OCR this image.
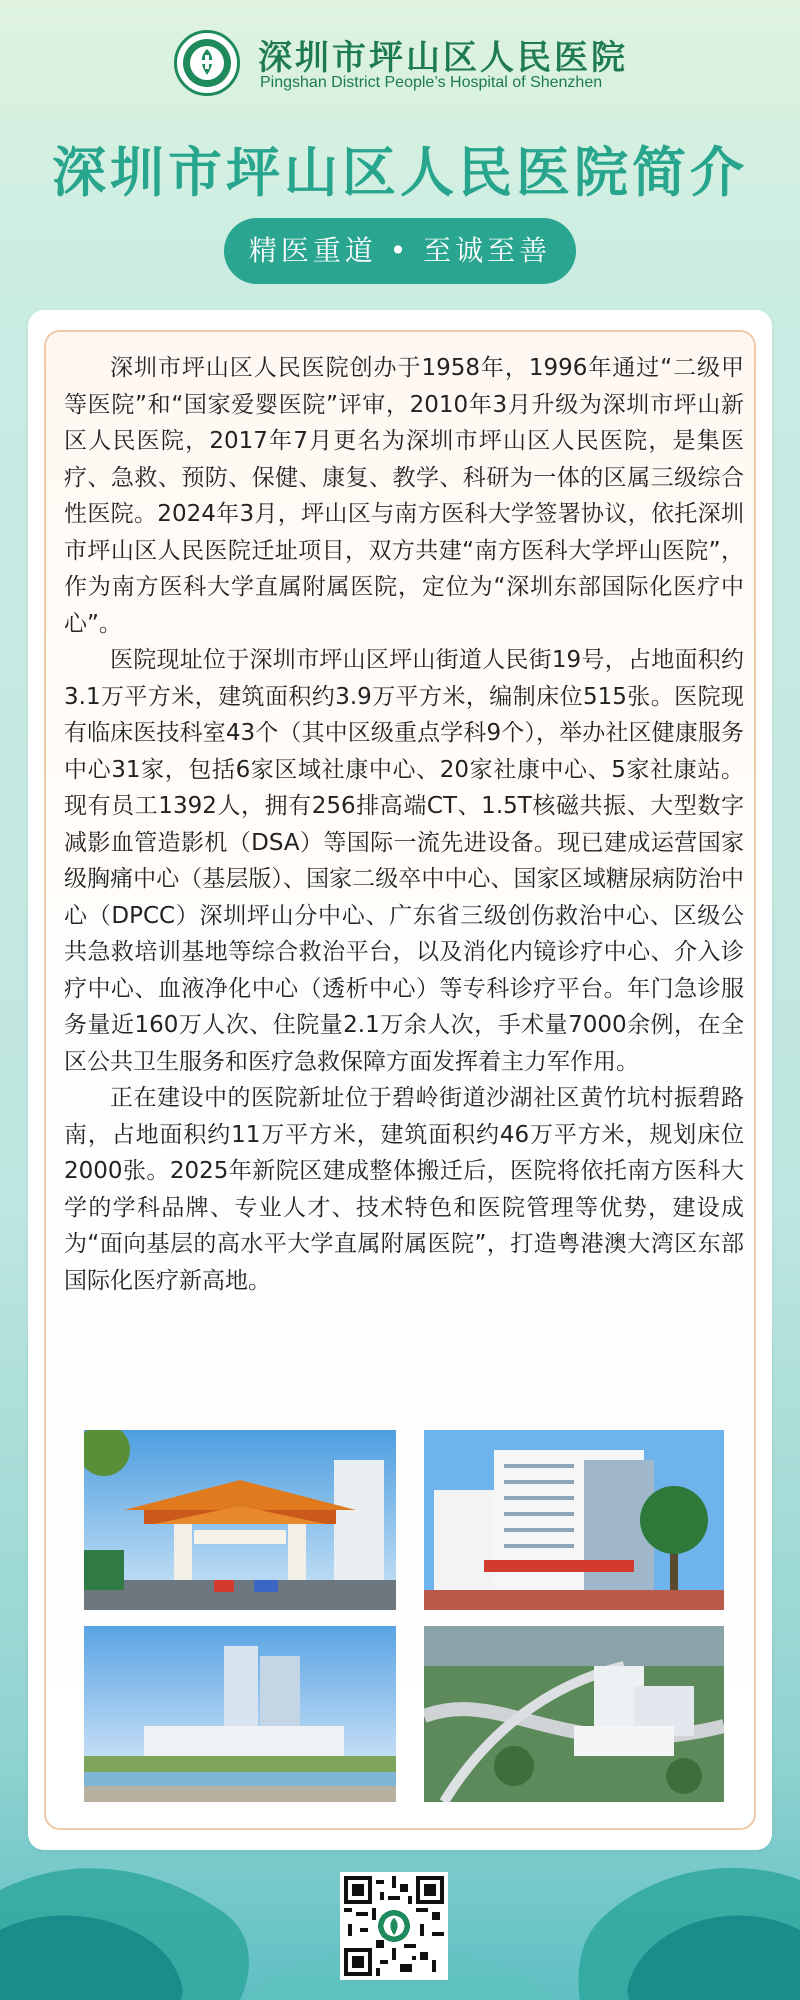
深圳市坪山区人民医院
Pingshan District People’s Hospital of Shenzhen
深圳市坪山区人民医院简介
精医重道 • 至诚至善

深圳市坪山区人民医院创办于1958年，1996年通过“二级甲等医院”和“国家爱婴医院”评审，2010年3月升级为深圳市坪山新区人民医院，2017年7月更名为深圳市坪山区人民医院，是集医疗、急救、预防、保健、康复、教学、科研为一体的区属三级综合性医院。2024年3月，坪山区与南方医科大学签署协议，依托深圳市坪山区人民医院迁址项目，双方共建“南方医科大学坪山医院”，作为南方医科大学直属附属医院，定位为“深圳东部国际化医疗中心”。

医院现址位于深圳市坪山区坪山街道人民街19号，占地面积约3.1万平方米，建筑面积约3.9万平方米，编制床位515张。医院现有临床医技科室43个（其中区级重点学科9个），举办社区健康服务中心31家，包括6家区域社康中心、20家社康中心、5家社康站。现有员工1392人，拥有256排高端CT、1.5T核磁共振、大型数字减影血管造影机（DSA）等国际一流先进设备。现已建成运营国家级胸痛中心（基层版）、国家二级卒中中心、国家区域糖尿病防治中心（DPCC）深圳坪山分中心、广东省三级创伤救治中心、区级公共急救培训基地等综合救治平台，以及消化内镜诊疗中心、介入诊疗中心、血液净化中心（透析中心）等专科诊疗平台。年门急诊服务量近160万人次、住院量2.1万余人次，手术量7000余例，在全区公共卫生服务和医疗急救保障方面发挥着主力军作用。

正在建设中的医院新址位于碧岭街道沙湖社区黄竹坑村振碧路南，占地面积约11万平方米，建筑面积约46万平方米，规划床位2000张。2025年新院区建成整体搬迁后，医院将依托南方医科大学的学科品牌、专业人才、技术特色和医院管理等优势，建设成为“面向基层的高水平大学直属附属医院”，打造粤港澳大湾区东部国际化医疗新高地。
